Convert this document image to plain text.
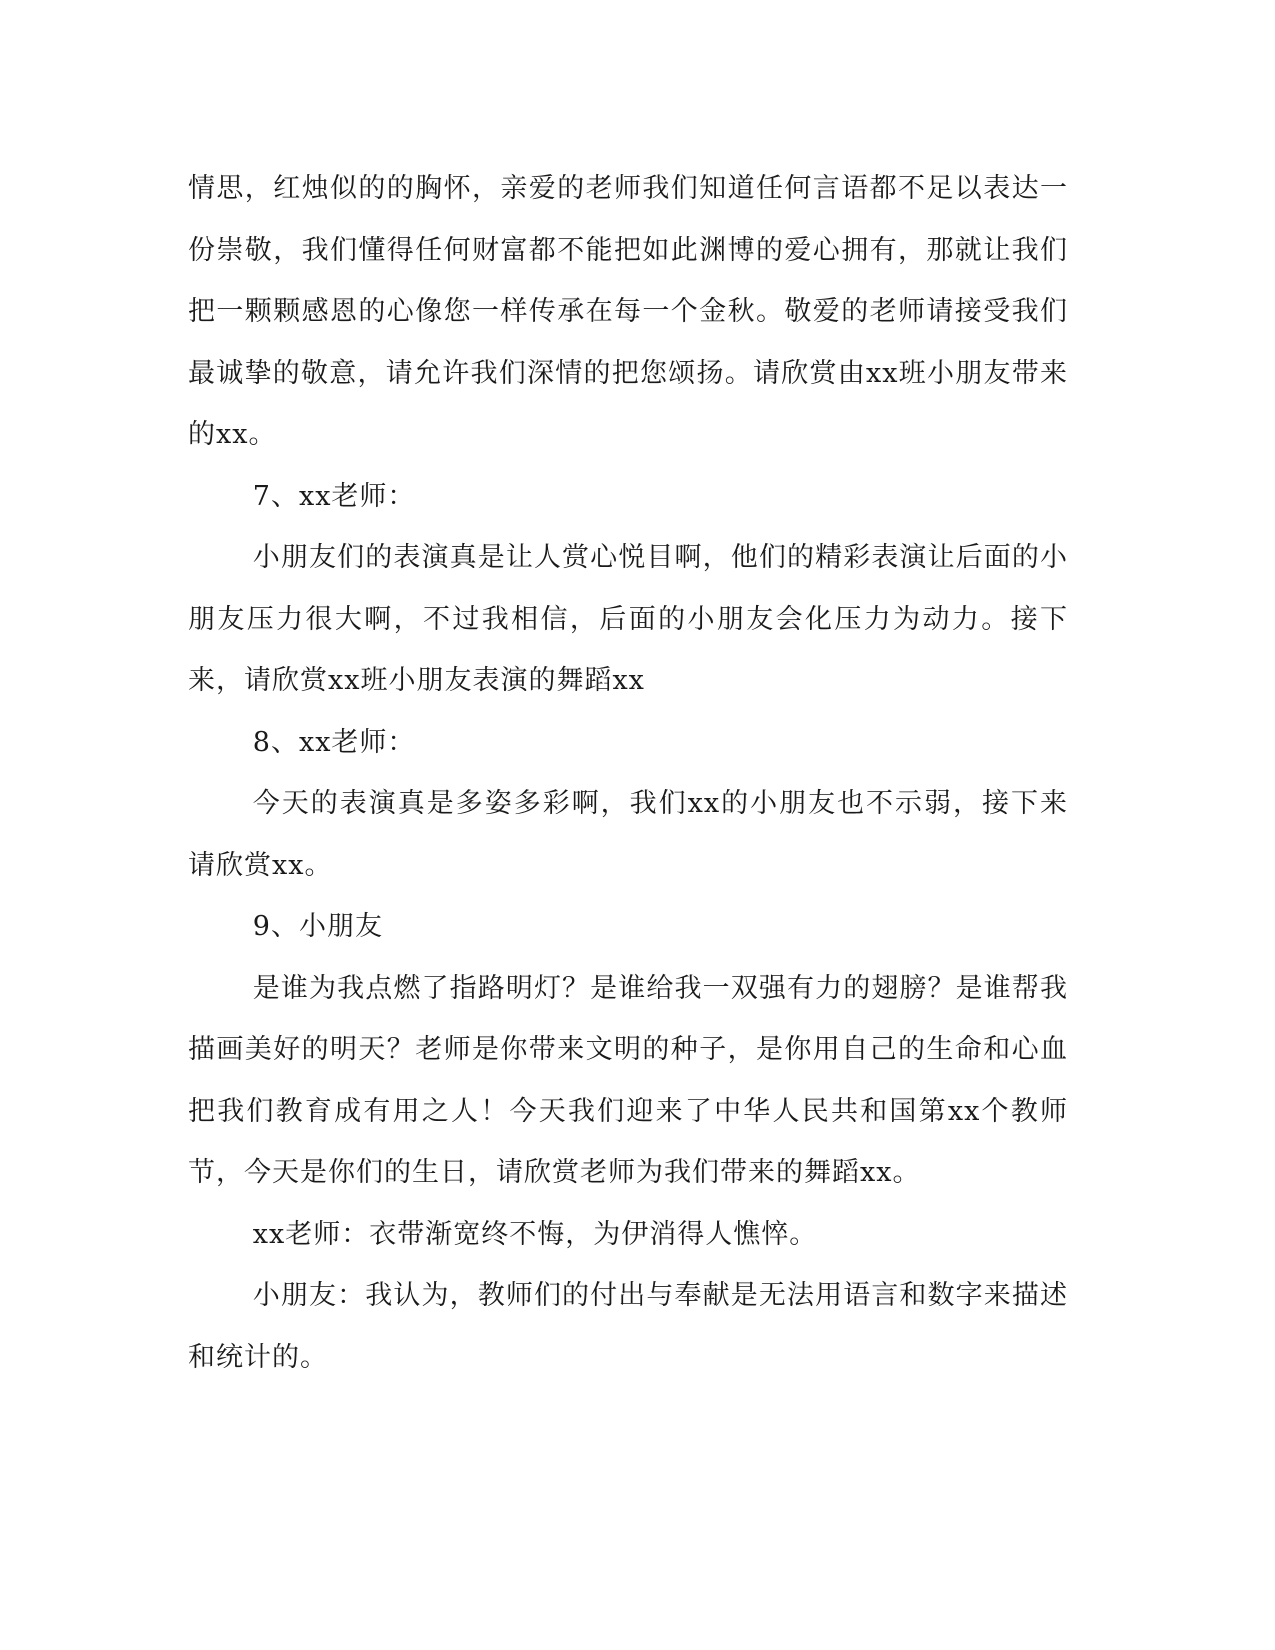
情思，红烛似的的胸怀，亲爱的老师我们知道任何言语都不足以表达一份崇敬，我们懂得任何财富都不能把如此渊博的爱心拥有，那就让我们把一颗颗感恩的心像您一样传承在每一个金秋。敬爱的老师请接受我们最诚挚的敬意，请允许我们深情的把您颂扬。请欣赏由xx班小朋友带来的xx。

7、xx老师：

小朋友们的表演真是让人赏心悦目啊，他们的精彩表演让后面的小朋友压力很大啊，不过我相信，后面的小朋友会化压力为动力。接下来，请欣赏xx班小朋友表演的舞蹈xx

8、xx老师：

今天的表演真是多姿多彩啊，我们xx的小朋友也不示弱，接下来请欣赏xx。

9、小朋友

是谁为我点燃了指路明灯？是谁给我一双强有力的翅膀？是谁帮我描画美好的明天？老师是你带来文明的种子，是你用自己的生命和心血把我们教育成有用之人！今天我们迎来了中华人民共和国第xx个教师节，今天是你们的生日，请欣赏老师为我们带来的舞蹈xx。

xx老师：衣带渐宽终不悔，为伊消得人憔悴。

小朋友：我认为，教师们的付出与奉献是无法用语言和数字来描述和统计的。
